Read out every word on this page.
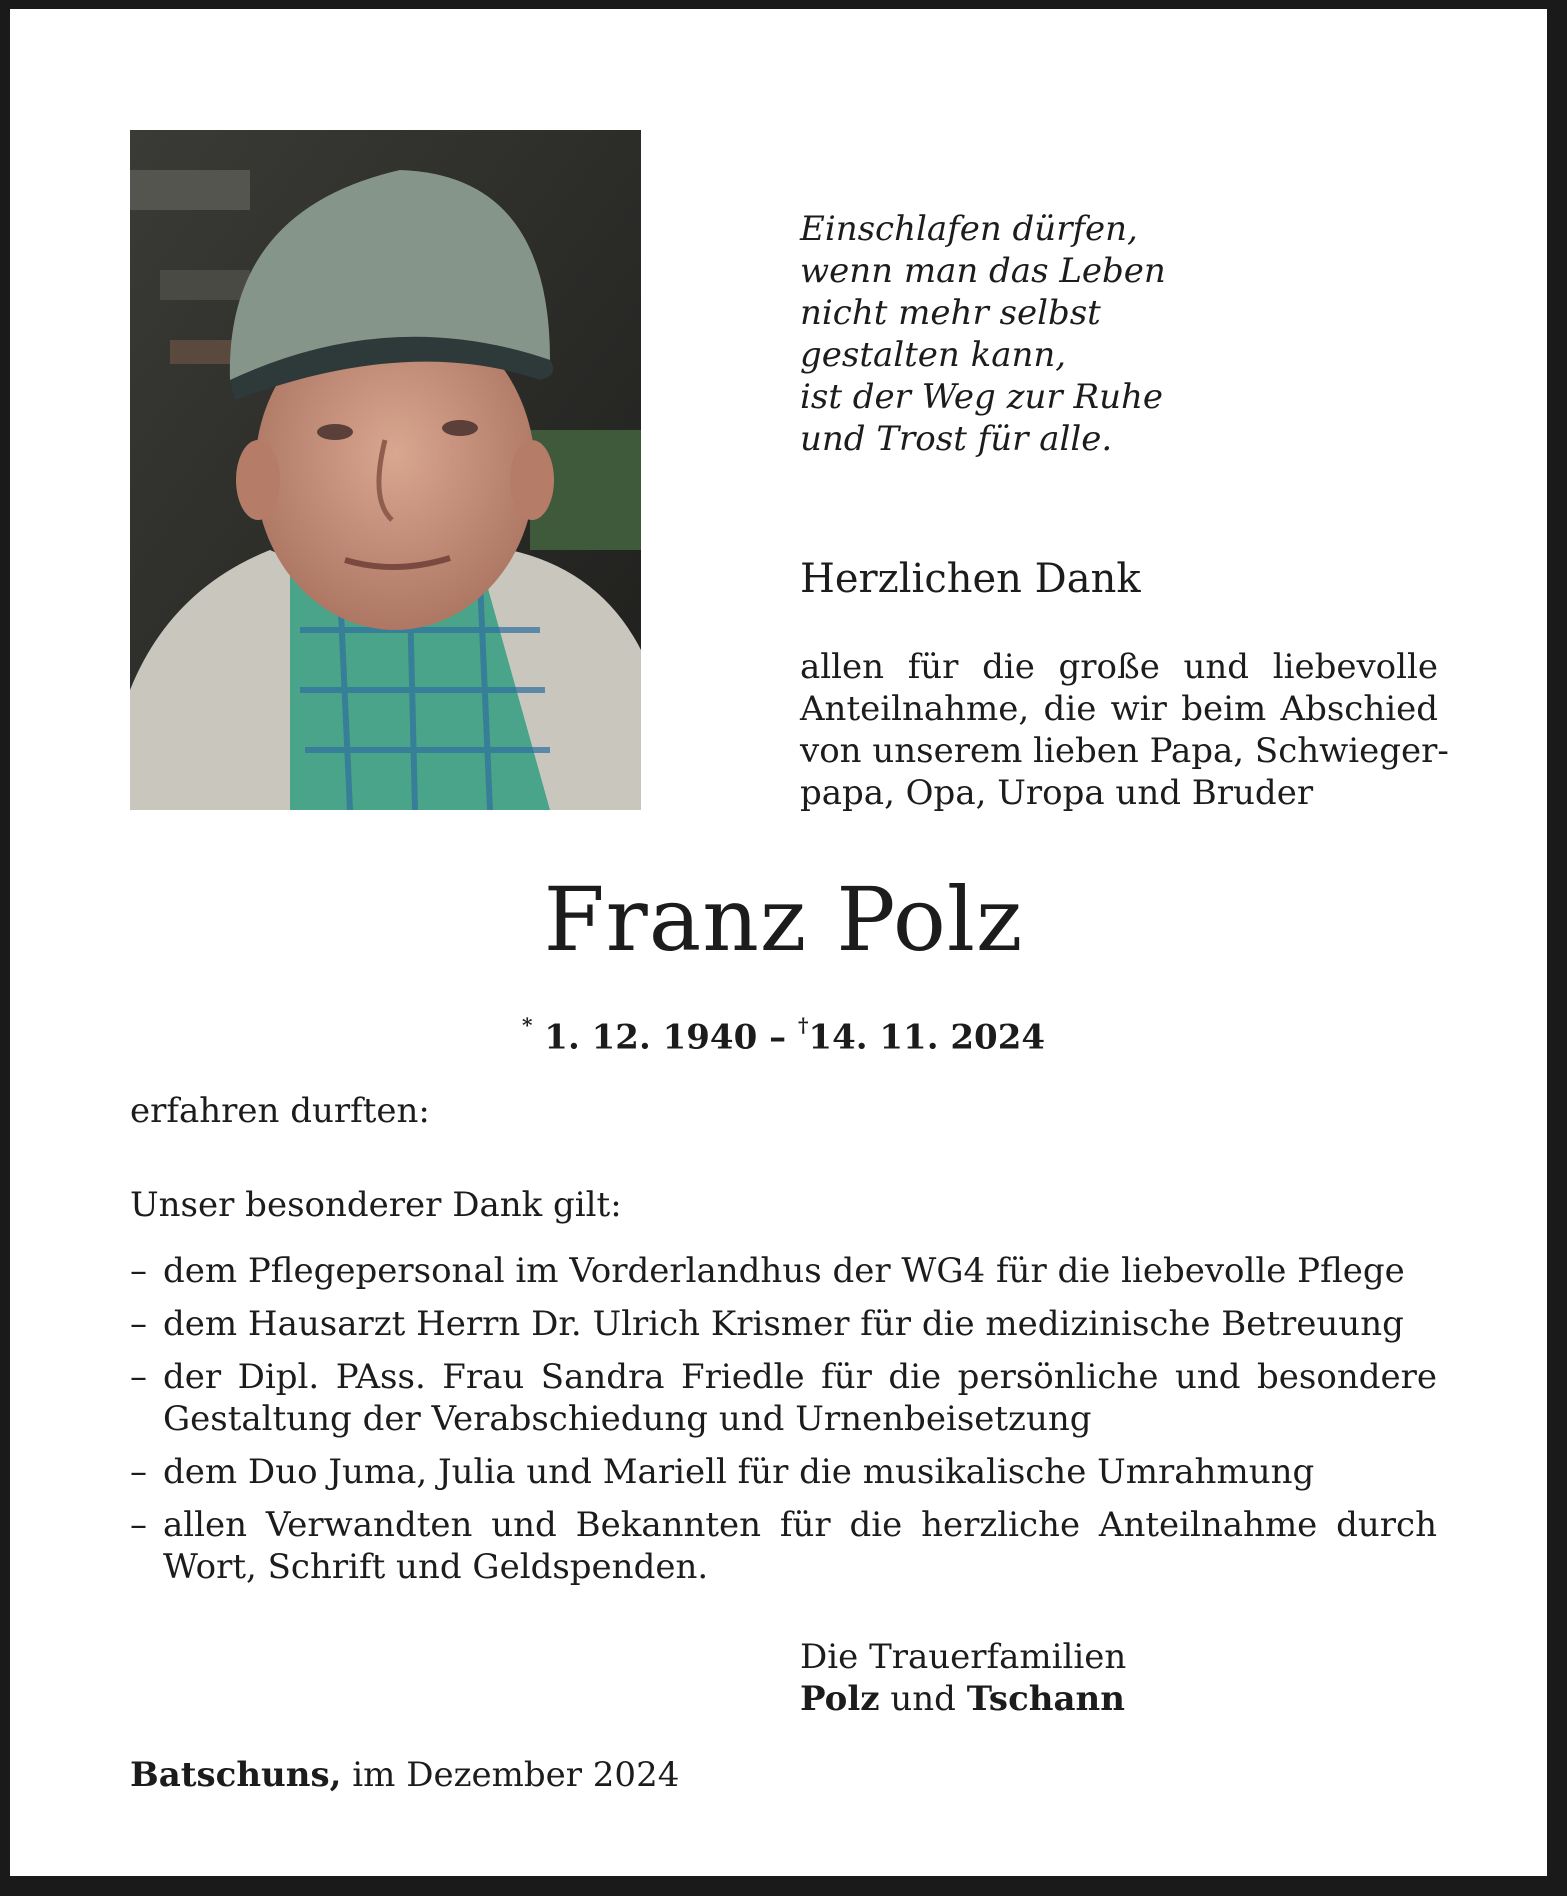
Einschlafen dürfen,
wenn man das Leben
nicht mehr selbst
gestalten kann,
ist der Weg zur Ruhe
und Trost für alle.
Herzlichen Dank
allen für die große und liebevolle
Anteilnahme, die wir beim Abschied
von unserem lieben Papa, Schwieger-
papa, Opa, Uropa und Bruder
Franz Polz
* 1. 12. 1940 – †14. 11. 2024
erfahren durften:
Unser besonderer Dank gilt:
– dem Pflegepersonal im Vorderlandhus der WG4 für die liebevolle Pflege
– dem Hausarzt Herrn Dr. Ulrich Krismer für die medizinische Betreuung
– der Dipl. PAss. Frau Sandra Friedle für die persönliche und besondere
Gestaltung der Verabschiedung und Urnenbeisetzung
– dem Duo Juma, Julia und Mariell für die musikalische Umrahmung
– allen Verwandten und Bekannten für die herzliche Anteilnahme durch
Wort, Schrift und Geldspenden.
Die Trauerfamilien
Polz und Tschann
Batschuns, im Dezember 2024
